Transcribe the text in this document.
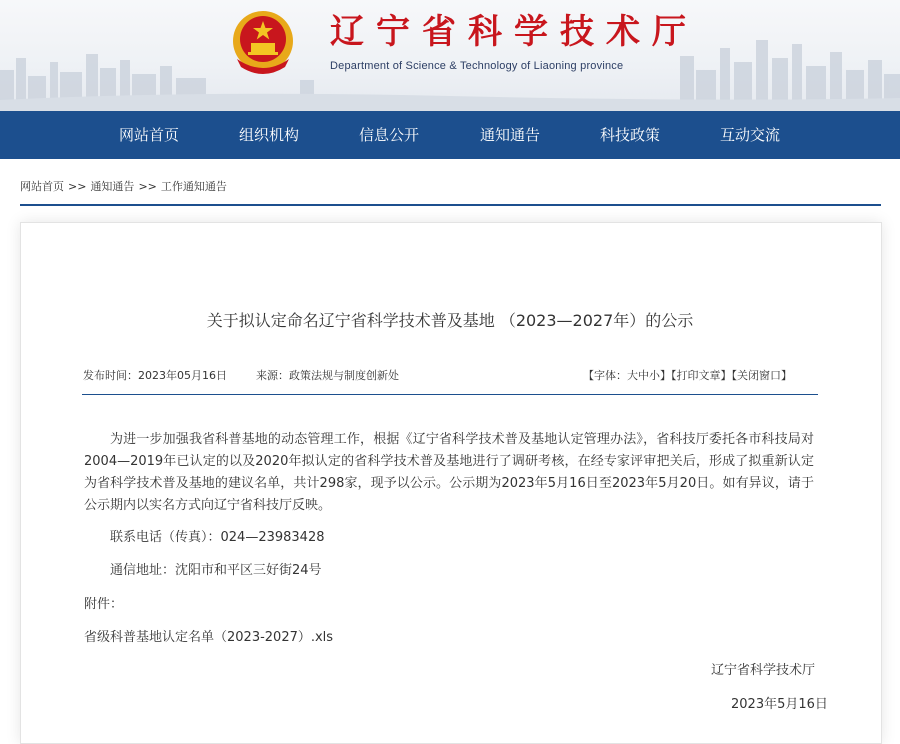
辽宁省科学技术厅
Department of Science & Technology of Liaoning province
网站首页	组织机构	信息公开	通知通告	科技政策	互动交流
网站首页 >> 通知通告 >> 工作通知通告
关于拟认定命名辽宁省科学技术普及基地 （2023—2027年）的公示
发布时间：2023年05月16日	来源：政策法规与制度创新处	【字体：大中小】【打印文章】【关闭窗口】
为进一步加强我省科普基地的动态管理工作，根据《辽宁省科学技术普及基地认定管理办法》，省科技厅委托各市科技局对2004—2019年已认定的以及2020年拟认定的省科学技术普及基地进行了调研考核，在经专家评审把关后，形成了拟重新认定为省科学技术普及基地的建议名单，共计298家，现予以公示。公示期为2023年5月16日至2023年5月20日。如有异议，请于公示期内以实名方式向辽宁省科技厅反映。
联系电话（传真）：024—23983428
通信地址：沈阳市和平区三好街24号
附件：
省级科普基地认定名单（2023-2027）.xls
辽宁省科学技术厅
2023年5月16日
